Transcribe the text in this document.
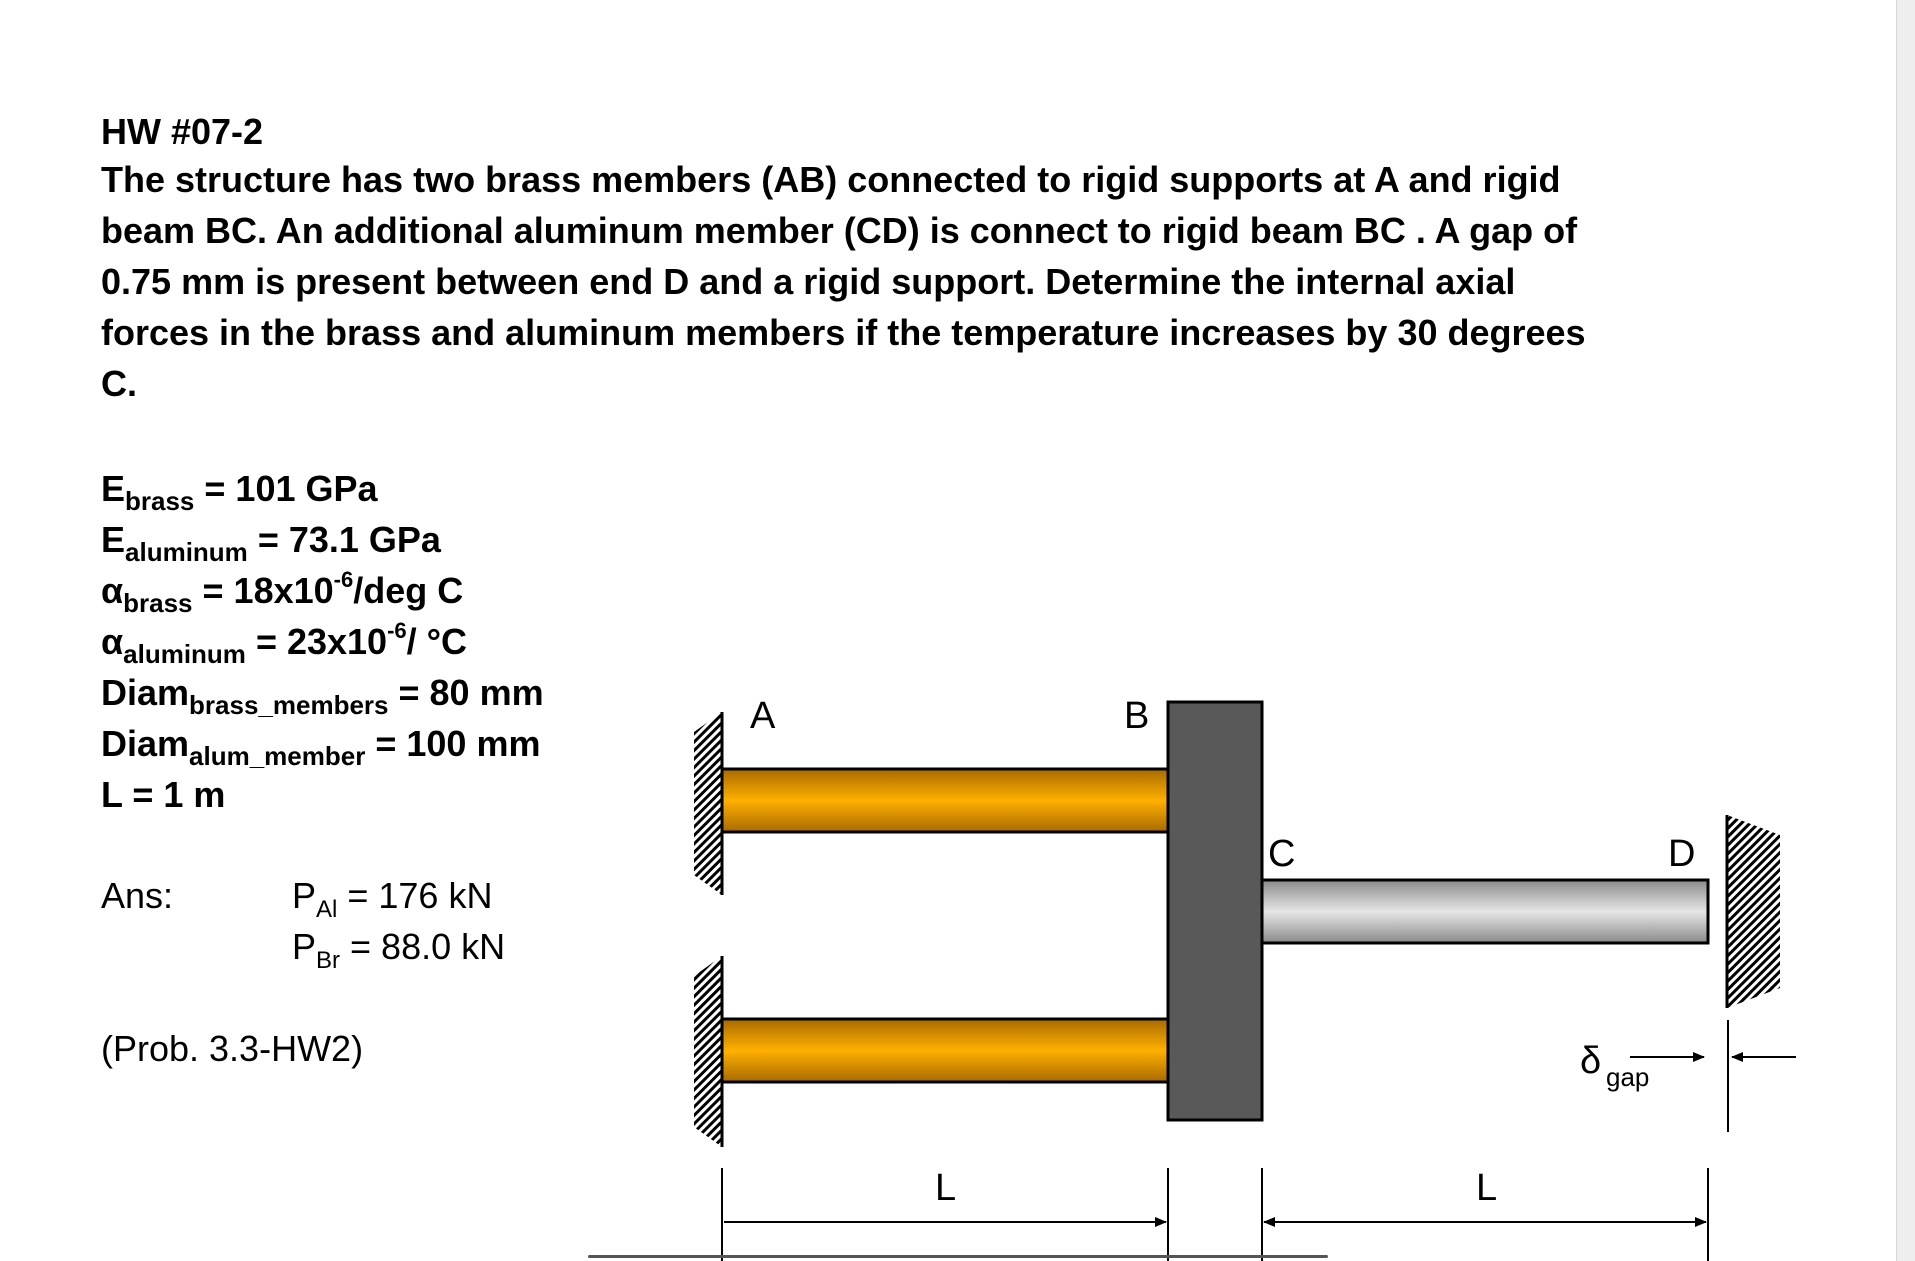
HW #07-2
The structure has two brass members (AB) connected to rigid supports at A and rigid
beam BC. An additional aluminum member (CD) is connect to rigid beam BC . A gap of
0.75 mm is present between end D and a rigid support. Determine the internal axial
forces in the brass and aluminum members if the temperature increases by 30 degrees
C.
$E_{brass} = 101$ GPa
$E_{aluminum} = 73.1$ GPa
$\alpha_{brass} = 18x10^{-6}/deg$ C
$\alpha_{aluminum} = 23x10^{-6}/$ °C
Diam$_{brass\_members}$ = 80 mm
Diam$_{alum\_member}$ = 100 mm
L = 1 m
Ans:	$P_{Al} = 176$ kN
$P_{Br} = 88.0$ kN
(Prob. 3.3-HW2)
A	B
C	D
δ gap
L	L
